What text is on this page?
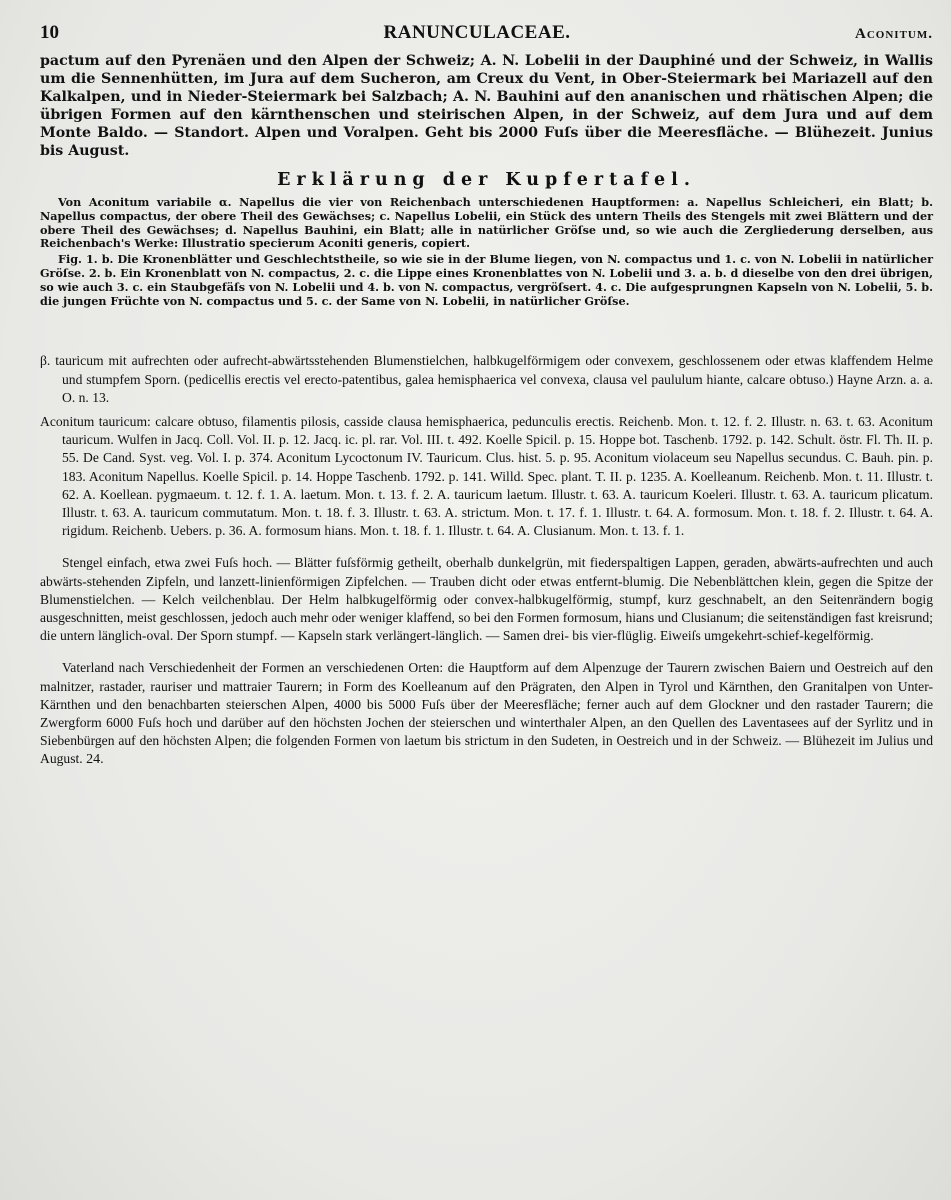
10	RANUNCULACEAE.	Aconitum.

pactum auf den Pyrenäen und den Alpen der Schweiz; A. N. Lobelii in der Dauphiné und der Schweiz, in Wallis um die Sennenhütten, im Jura auf dem Sucheron, am Creux du Vent, in Ober-Steiermark bei Mariazell auf den Kalkalpen, und in Nieder-Steiermark bei Salzbach; A. N. Bauhini auf den ananischen und rhätischen Alpen; die übrigen Formen auf den kärnthenschen und steirischen Alpen, in der Schweiz, auf dem Jura und auf dem Monte Baldo. — Standort. Alpen und Voralpen. Geht bis 2000 Fuſs über die Meeresfläche. — Blühezeit. Junius bis August.

Erklärung der Kupfertafel.

Von Aconitum variabile α. Napellus die vier von Reichenbach unterschiedenen Hauptformen: a. Napellus Schleicheri, ein Blatt; b. Napellus compactus, der obere Theil des Gewächses; c. Napellus Lobelii, ein Stück des untern Theils des Stengels mit zwei Blättern und der obere Theil des Gewächses; d. Napellus Bauhini, ein Blatt; alle in natürlicher Gröſse und, so wie auch die Zergliederung derselben, aus Reichenbach's Werke: Illustratio specierum Aconiti generis, copiert.

Fig. 1. b. Die Kronenblätter und Geschlechtstheile, so wie sie in der Blume liegen, von N. compactus und 1. c. von N. Lobelii in natürlicher Gröſse. 2. b. Ein Kronenblatt von N. compactus, 2. c. die Lippe eines Kronenblattes von N. Lobelii und 3. a. b. d dieselbe von den drei übrigen, so wie auch 3. c. ein Staubgefäſs von N. Lobelii und 4. b. von N. compactus, vergröſsert. 4. c. Die aufgesprungnen Kapseln von N. Lobelii, 5. b. die jungen Früchte von N. compactus und 5. c. der Same von N. Lobelii, in natürlicher Gröſse.

β. tauricum mit aufrechten oder aufrecht-abwärtsstehenden Blumenstielchen, halbkugelförmigem oder convexem, geschlossenem oder etwas klaffendem Helme und stumpfem Sporn. (pedicellis erectis vel erecto-patentibus, galea hemisphaerica vel convexa, clausa vel paululum hiante, calcare obtuso.) Hayne Arzn. a. a. O. n. 13.

Aconitum tauricum: calcare obtuso, filamentis pilosis, casside clausa hemisphaerica, pedunculis erectis. Reichenb. Mon. t. 12. f. 2. Illustr. n. 63. t. 63. Aconitum tauricum. Wulfen in Jacq. Coll. Vol. II. p. 12. Jacq. ic. pl. rar. Vol. III. t. 492. Koelle Spicil. p. 15. Hoppe bot. Taschenb. 1792. p. 142. Schult. östr. Fl. Th. II. p. 55. De Cand. Syst. veg. Vol. I. p. 374. Aconitum Lycoctonum IV. Tauricum. Clus. hist. 5. p. 95. Aconitum violaceum seu Napellus secundus. C. Bauh. pin. p. 183. Aconitum Napellus. Koelle Spicil. p. 14. Hoppe Taschenb. 1792. p. 141. Willd. Spec. plant. T. II. p. 1235. A. Koelleanum. Reichenb. Mon. t. 11. Illustr. t. 62. A. Koellean. pygmaeum. t. 12. f. 1. A. laetum. Mon. t. 13. f. 2. A. tauricum laetum. Illustr. t. 63. A. tauricum Koeleri. Illustr. t. 63. A. tauricum plicatum. Illustr. t. 63. A. tauricum commutatum. Mon. t. 18. f. 3. Illustr. t. 63. A. strictum. Mon. t. 17. f. 1. Illustr. t. 64. A. formosum. Mon. t. 18. f. 2. Illustr. t. 64. A. rigidum. Reichenb. Uebers. p. 36. A. formosum hians. Mon. t. 18. f. 1. Illustr. t. 64. A. Clusianum. Mon. t. 13. f. 1.

Stengel einfach, etwa zwei Fuſs hoch. — Blätter fuſsförmig getheilt, oberhalb dunkelgrün, mit fiederspaltigen Lappen, geraden, abwärts-aufrechten und auch abwärts-stehenden Zipfeln, und lanzett-linienförmigen Zipfelchen. — Trauben dicht oder etwas entfernt-blumig. Die Nebenblättchen klein, gegen die Spitze der Blumenstielchen. — Kelch veilchenblau. Der Helm halbkugelförmig oder convex-halbkugelförmig, stumpf, kurz geschnabelt, an den Seitenrändern bogig ausgeschnitten, meist geschlossen, jedoch auch mehr oder weniger klaffend, so bei den Formen formosum, hians und Clusianum; die seitenständigen fast kreisrund; die untern länglich-oval. Der Sporn stumpf. — Kapseln stark verlängert-länglich. — Samen drei- bis vier-flüglig. Eiweiſs umgekehrt-schief-kegelförmig.

Vaterland nach Verschiedenheit der Formen an verschiedenen Orten: die Hauptform auf dem Alpenzuge der Taurern zwischen Baiern und Oestreich auf den malnitzer, rastader, rauriser und mattraier Taurern; in Form des Koelleanum auf den Prägraten, den Alpen in Tyrol und Kärnthen, den Granitalpen von Unter-Kärnthen und den benachbarten steierschen Alpen, 4000 bis 5000 Fuſs über der Meeresfläche; ferner auch auf dem Glockner und den rastader Taurern; die Zwergform 6000 Fuſs hoch und darüber auf den höchsten Jochen der steierschen und winterthaler Alpen, an den Quellen des Laventasees auf der Syrlitz und in Siebenbürgen auf den höchsten Alpen; die folgenden Formen von laetum bis strictum in den Sudeten, in Oestreich und in der Schweiz. — Blühezeit im Julius und August. 24.
